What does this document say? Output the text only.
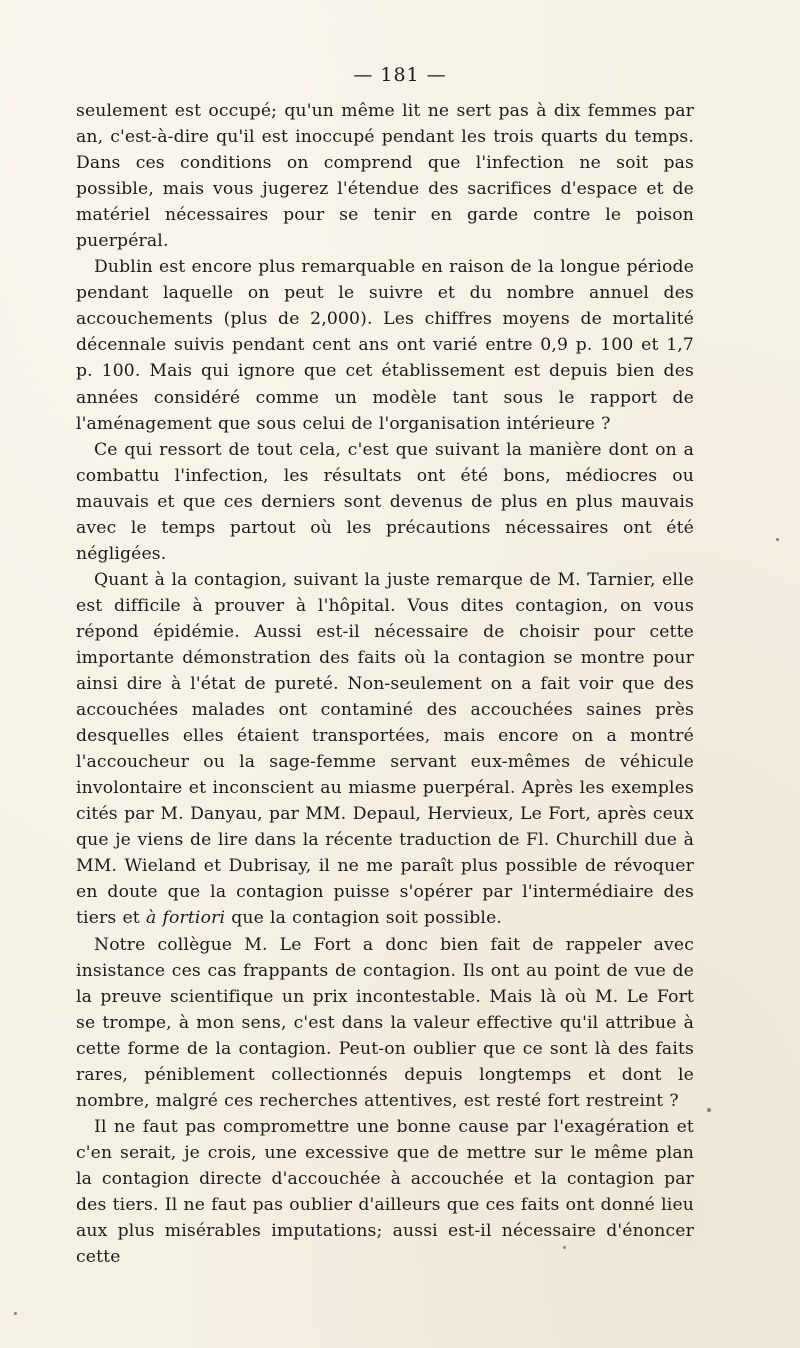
— 181 —

seulement est occupé; qu'un même lit ne sert pas à dix femmes par an, c'est-à-dire qu'il est inoccupé pendant les trois quarts du temps. Dans ces conditions on comprend que l'infection ne soit pas possible, mais vous jugerez l'étendue des sacrifices d'espace et de matériel nécessaires pour se tenir en garde contre le poison puerpéral.

Dublin est encore plus remarquable en raison de la longue période pendant laquelle on peut le suivre et du nombre annuel des accouchements (plus de 2,000). Les chiffres moyens de mortalité décennale suivis pendant cent ans ont varié entre 0,9 p. 100 et 1,7 p. 100. Mais qui ignore que cet établissement est depuis bien des années considéré comme un modèle tant sous le rapport de l'aménagement que sous celui de l'organisation intérieure ?

Ce qui ressort de tout cela, c'est que suivant la manière dont on a combattu l'infection, les résultats ont été bons, médiocres ou mauvais et que ces derniers sont devenus de plus en plus mauvais avec le temps partout où les précautions nécessaires ont été négligées.

Quant à la contagion, suivant la juste remarque de M. Tarnier, elle est difficile à prouver à l'hôpital. Vous dites contagion, on vous répond épidémie. Aussi est-il nécessaire de choisir pour cette importante démonstration des faits où la contagion se montre pour ainsi dire à l'état de pureté. Non-seulement on a fait voir que des accouchées malades ont contaminé des accouchées saines près desquelles elles étaient transportées, mais encore on a montré l'accoucheur ou la sage-femme servant eux-mêmes de véhicule involontaire et inconscient au miasme puerpéral. Après les exemples cités par M. Danyau, par MM. Depaul, Hervieux, Le Fort, après ceux que je viens de lire dans la récente traduction de Fl. Churchill due à MM. Wieland et Dubrisay, il ne me paraît plus possible de révoquer en doute que la contagion puisse s'opérer par l'intermédiaire des tiers et à fortiori que la contagion soit possible.

Notre collègue M. Le Fort a donc bien fait de rappeler avec insistance ces cas frappants de contagion. Ils ont au point de vue de la preuve scientifique un prix incontestable. Mais là où M. Le Fort se trompe, à mon sens, c'est dans la valeur effective qu'il attribue à cette forme de la contagion. Peut-on oublier que ce sont là des faits rares, péniblement collectionnés depuis longtemps et dont le nombre, malgré ces recherches attentives, est resté fort restreint ?

Il ne faut pas compromettre une bonne cause par l'exagération et c'en serait, je crois, une excessive que de mettre sur le même plan la contagion directe d'accouchée à accouchée et la contagion par des tiers. Il ne faut pas oublier d'ailleurs que ces faits ont donné lieu aux plus misérables imputations; aussi est-il nécessaire d'énoncer cette
